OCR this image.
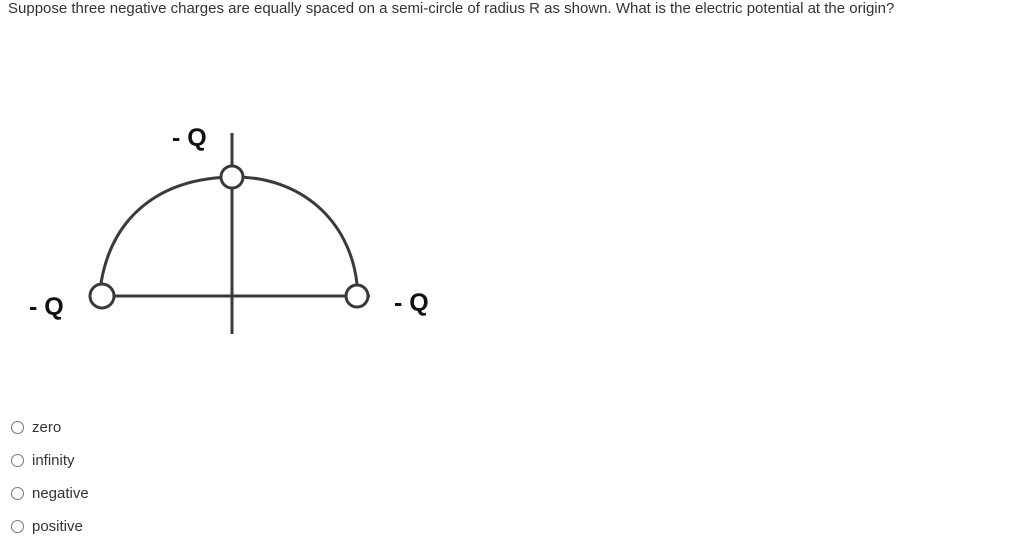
Suppose three negative charges are equally spaced on a semi-circle of radius R as shown. What is the electric potential at the origin?
- Q
- Q	- Q
zero
infinity
negative
positive
